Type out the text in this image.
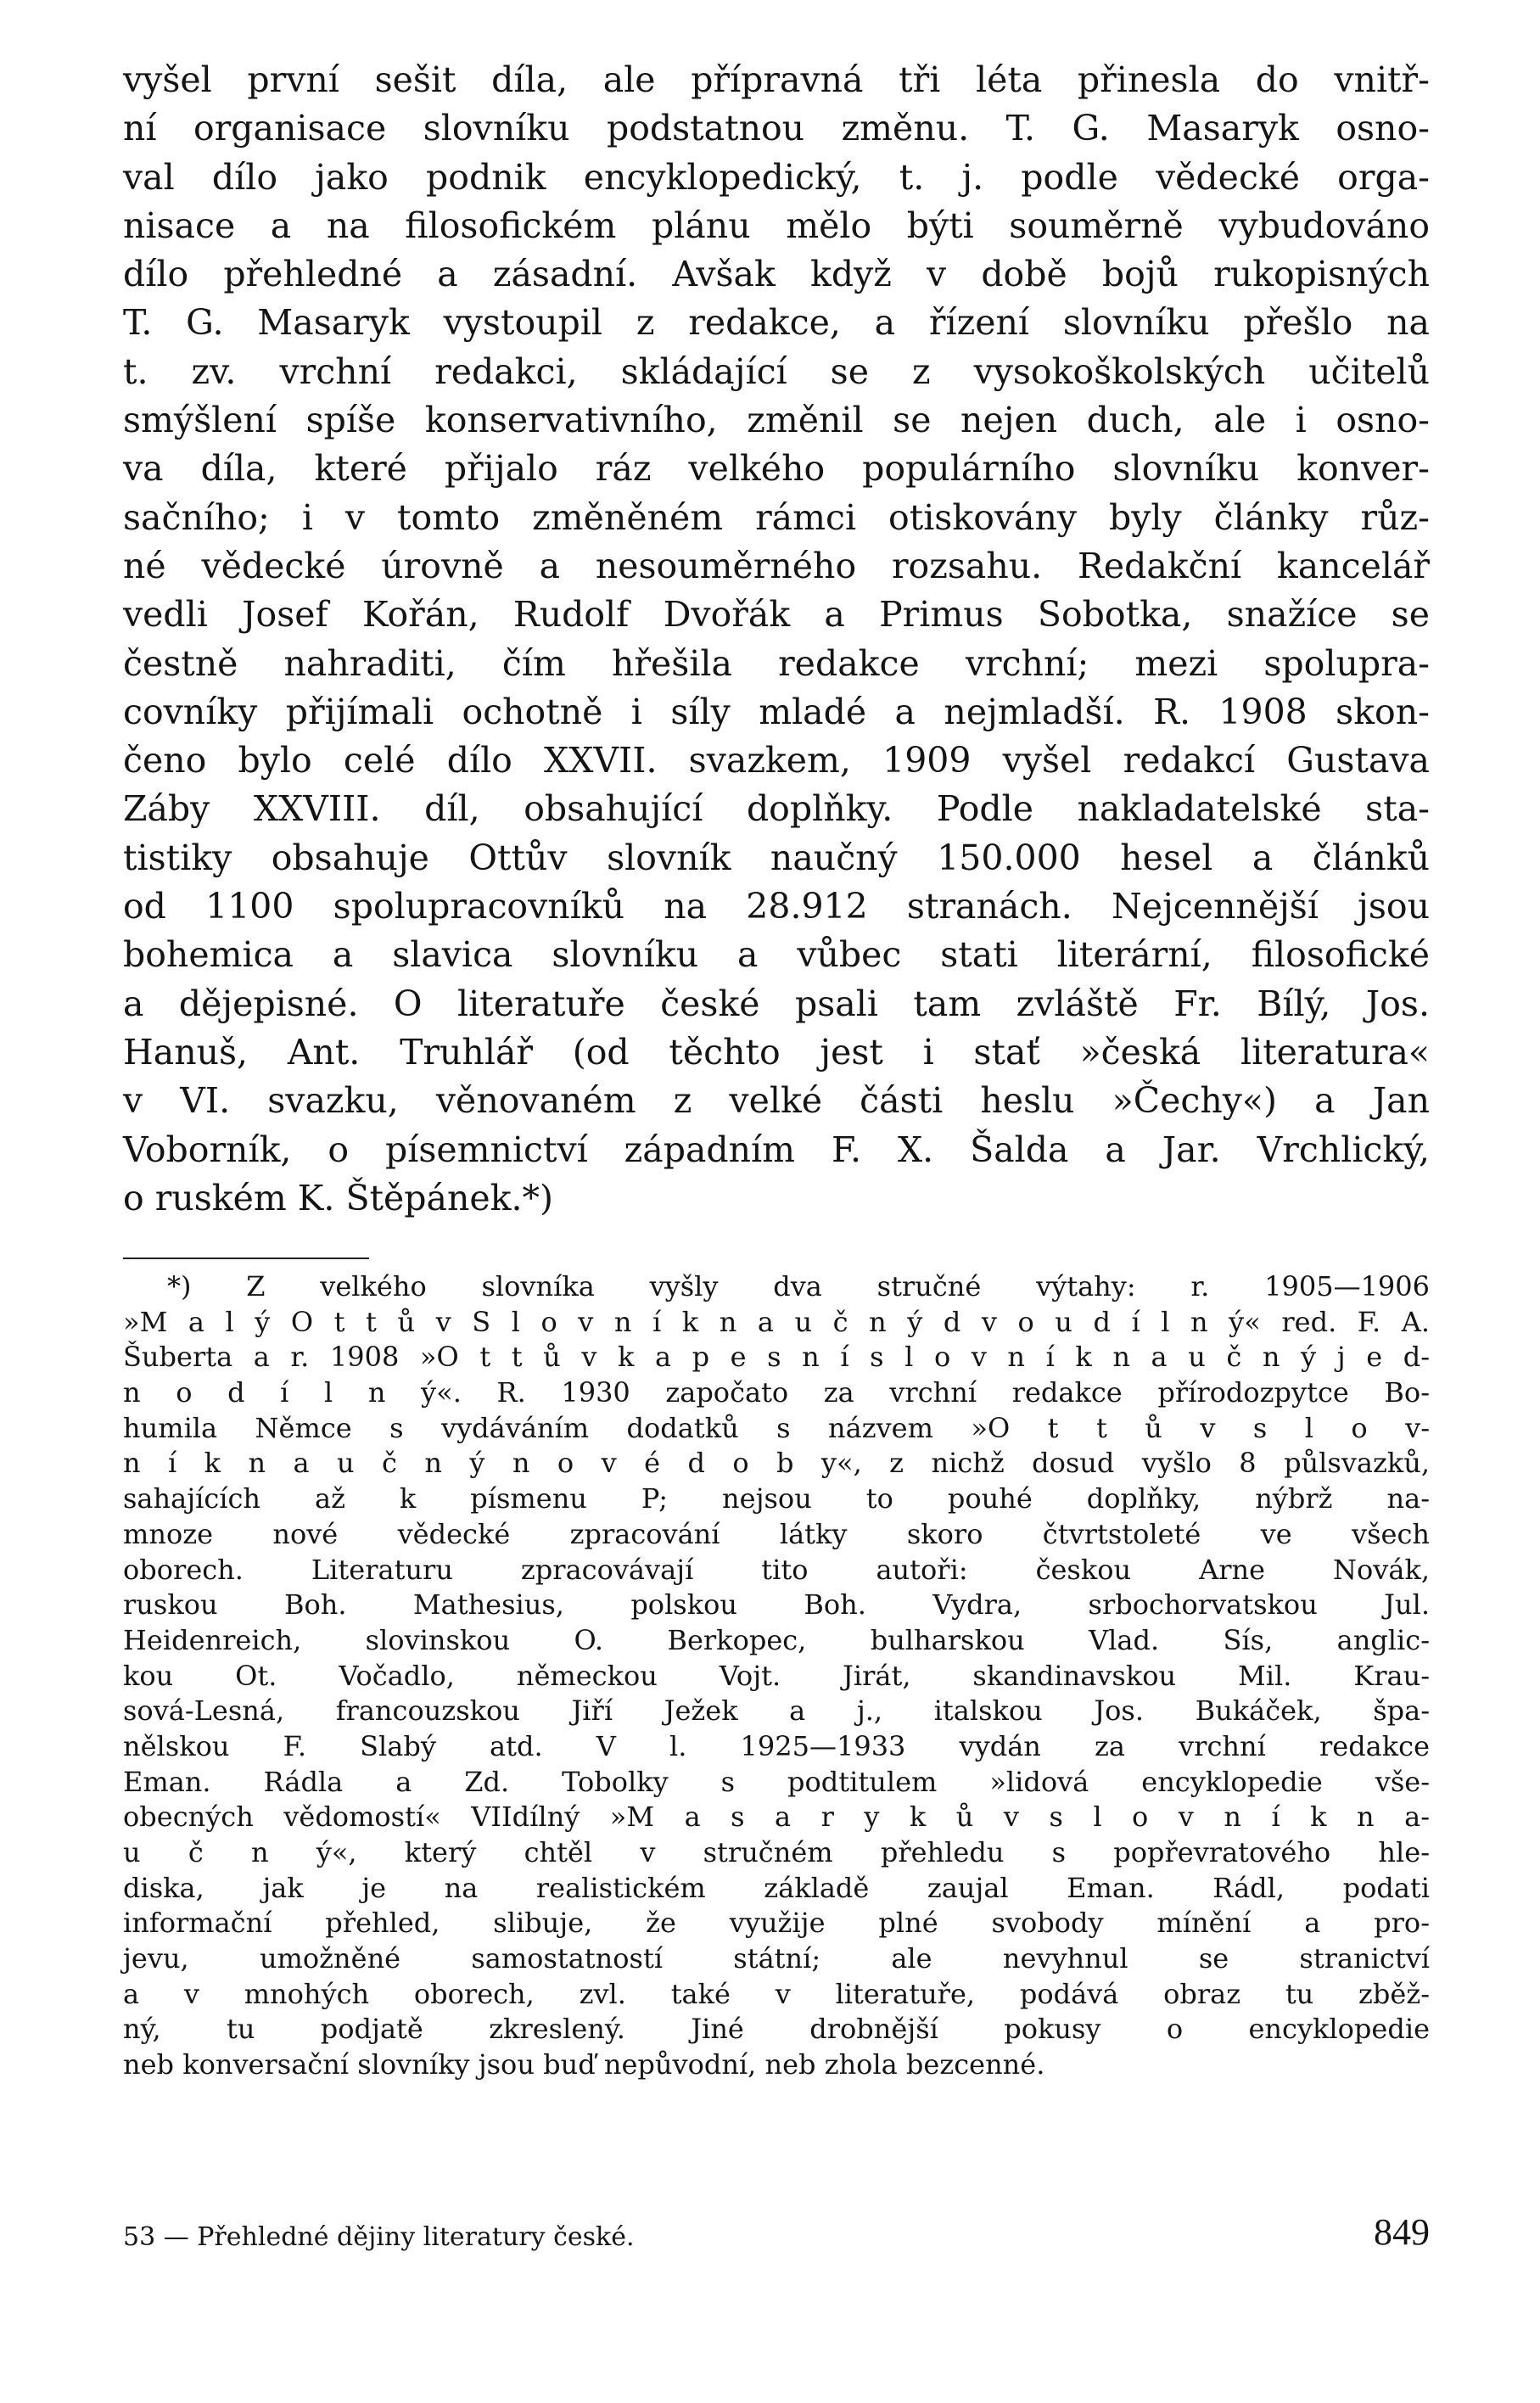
vyšel první sešit díla, ale přípravná tři léta přinesla do vnitř-
ní organisace slovníku podstatnou změnu. T. G. Masaryk osno-
val dílo jako podnik encyklopedický, t. j. podle vědecké orga-
nisace a na filosofickém plánu mělo býti souměrně vybudováno
dílo přehledné a zásadní. Avšak když v době bojů rukopisných
T. G. Masaryk vystoupil z redakce, a řízení slovníku přešlo na
t. zv. vrchní redakci, skládající se z vysokoškolských učitelů
smýšlení spíše konservativního, změnil se nejen duch, ale i osno-
va díla, které přijalo ráz velkého populárního slovníku konver-
sačního; i v tomto změněném rámci otiskovány byly články růz-
né vědecké úrovně a nesouměrného rozsahu. Redakční kancelář
vedli Josef Kořán, Rudolf Dvořák a Primus Sobotka, snažíce se
čestně nahraditi, čím hřešila redakce vrchní; mezi spolupra-
covníky přijímali ochotně i síly mladé a nejmladší. R. 1908 skon-
čeno bylo celé dílo XXVII. svazkem, 1909 vyšel redakcí Gustava
Záby XXVIII. díl, obsahující doplňky. Podle nakladatelské sta-
tistiky obsahuje Ottův slovník naučný 150.000 hesel a článků
od 1100 spolupracovníků na 28.912 stranách. Nejcennější jsou
bohemica a slavica slovníku a vůbec stati literární, filosofické
a dějepisné. O literatuře české psali tam zvláště Fr. Bílý, Jos.
Hanuš, Ant. Truhlář (od těchto jest i stať »česká literatura«
v VI. svazku, věnovaném z velké části heslu »Čechy«) a Jan
Voborník, o písemnictví západním F. X. Šalda a Jar. Vrchlický,
o ruském K. Štěpánek.*)
*) Z velkého slovníka vyšly dva stručné výtahy: r. 1905—1906
»M a l ý O t t ů v S l o v n í k n a u č n ý d v o u d í l n ý« red. F. A.
Šuberta a r. 1908 »O t t ů v k a p e s n í s l o v n í k n a u č n ý j e d-
n o d í l n ý«. R. 1930 započato za vrchní redakce přírodozpytce Bo-
humila Němce s vydáváním dodatků s názvem »O t t ů v s l o v-
n í k n a u č n ý n o v é d o b y«, z nichž dosud vyšlo 8 půlsvazků,
sahajících až k písmenu P; nejsou to pouhé doplňky, nýbrž na-
mnoze nové vědecké zpracování látky skoro čtvrtstoleté ve všech
oborech. Literaturu zpracovávají tito autoři: českou Arne Novák,
ruskou Boh. Mathesius, polskou Boh. Vydra, srbochorvatskou Jul.
Heidenreich, slovinskou O. Berkopec, bulharskou Vlad. Sís, anglic-
kou Ot. Vočadlo, německou Vojt. Jirát, skandinavskou Mil. Krau-
sová-Lesná, francouzskou Jiří Ježek a j., italskou Jos. Bukáček, špa-
nělskou F. Slabý atd. V l. 1925—1933 vydán za vrchní redakce
Eman. Rádla a Zd. Tobolky s podtitulem »lidová encyklopedie vše-
obecných vědomostí« VIIdílný »M a s a r y k ů v s l o v n í k n a-
u č n ý«, který chtěl v stručném přehledu s popřevratového hle-
diska, jak je na realistickém základě zaujal Eman. Rádl, podati
informační přehled, slibuje, že využije plné svobody mínění a pro-
jevu, umožněné samostatností státní; ale nevyhnul se stranictví
a v mnohých oborech, zvl. také v literatuře, podává obraz tu zběž-
ný, tu podjatě zkreslený. Jiné drobnější pokusy o encyklopedie
neb konversační slovníky jsou buď nepůvodní, neb zhola bezcenné.
53 — Přehledné dějiny literatury české.	849
